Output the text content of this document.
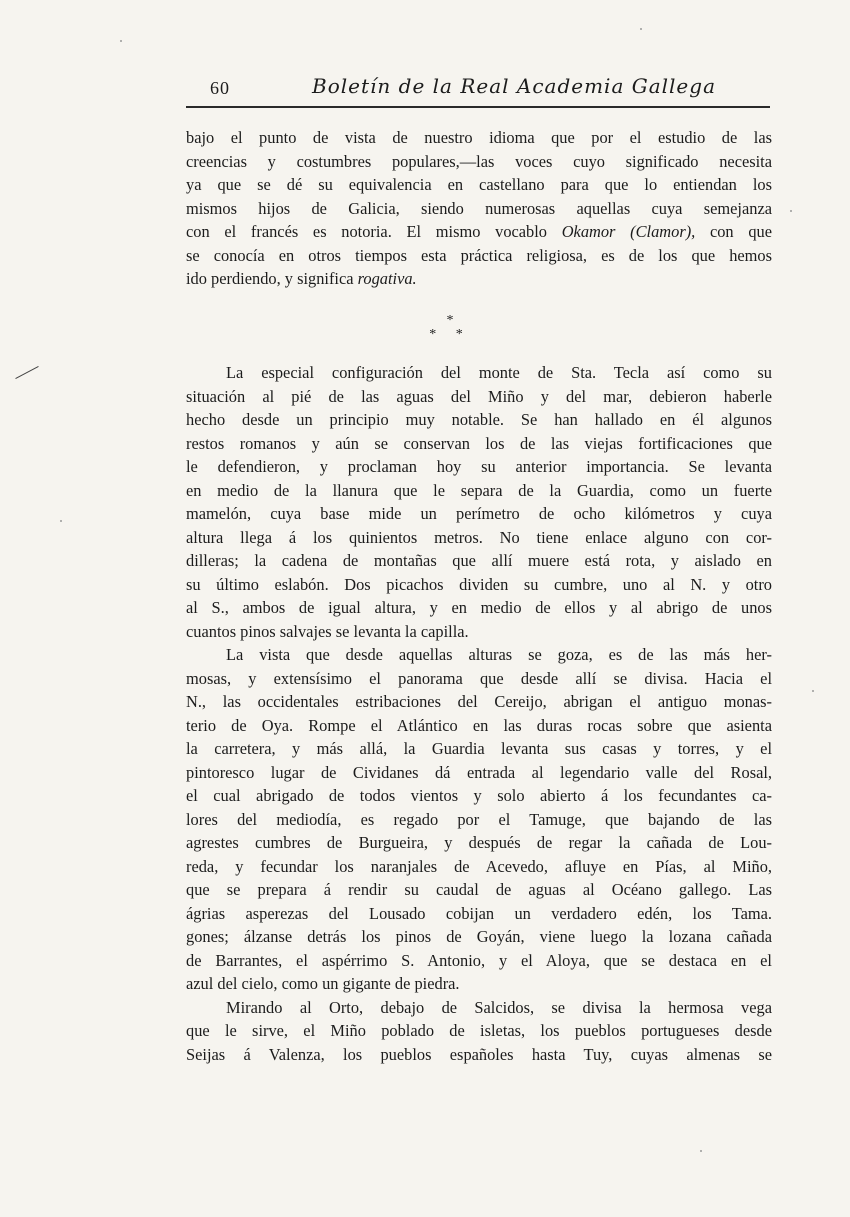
60	Boletín de la Real Academia Gallega
bajo el punto de vista de nuestro idioma que por el estudio de las
creencias y costumbres populares,—las voces cuyo significado necesita
ya que se dé su equivalencia en castellano para que lo entiendan los
mismos hijos de Galicia, siendo numerosas aquellas cuya semejanza
con el francés es notoria. El mismo vocablo Okamor (Clamor), con que
se conocía en otros tiempos esta práctica religiosa, es de los que hemos
ido perdiendo, y significa rogativa.
*
* *
La especial configuración del monte de Sta. Tecla así como su
situación al pié de las aguas del Miño y del mar, debieron haberle
hecho desde un principio muy notable. Se han hallado en él algunos
restos romanos y aún se conservan los de las viejas fortificaciones que
le defendieron, y proclaman hoy su anterior importancia. Se levanta
en medio de la llanura que le separa de la Guardia, como un fuerte
mamelón, cuya base mide un perímetro de ocho kilómetros y cuya
altura llega á los quinientos metros. No tiene enlace alguno con cor-
dilleras; la cadena de montañas que allí muere está rota, y aislado en
su último eslabón. Dos picachos dividen su cumbre, uno al N. y otro
al S., ambos de igual altura, y en medio de ellos y al abrigo de unos
cuantos pinos salvajes se levanta la capilla.
La vista que desde aquellas alturas se goza, es de las más her-
mosas, y extensísimo el panorama que desde allí se divisa. Hacia el
N., las occidentales estribaciones del Cereijo, abrigan el antiguo monas-
terio de Oya. Rompe el Atlántico en las duras rocas sobre que asienta
la carretera, y más allá, la Guardia levanta sus casas y torres, y el
pintoresco lugar de Cividanes dá entrada al legendario valle del Rosal,
el cual abrigado de todos vientos y solo abierto á los fecundantes ca-
lores del mediodía, es regado por el Tamuge, que bajando de las
agrestes cumbres de Burgueira, y después de regar la cañada de Lou-
reda, y fecundar los naranjales de Acevedo, afluye en Pías, al Miño,
que se prepara á rendir su caudal de aguas al Océano gallego. Las
ágrias asperezas del Lousado cobijan un verdadero edén, los Tama.
gones; álzanse detrás los pinos de Goyán, viene luego la lozana cañada
de Barrantes, el aspérrimo S. Antonio, y el Aloya, que se destaca en el
azul del cielo, como un gigante de piedra.
Mirando al Orto, debajo de Salcidos, se divisa la hermosa vega
que le sirve, el Miño poblado de isletas, los pueblos portugueses desde
Seijas á Valenza, los pueblos españoles hasta Tuy, cuyas almenas se
